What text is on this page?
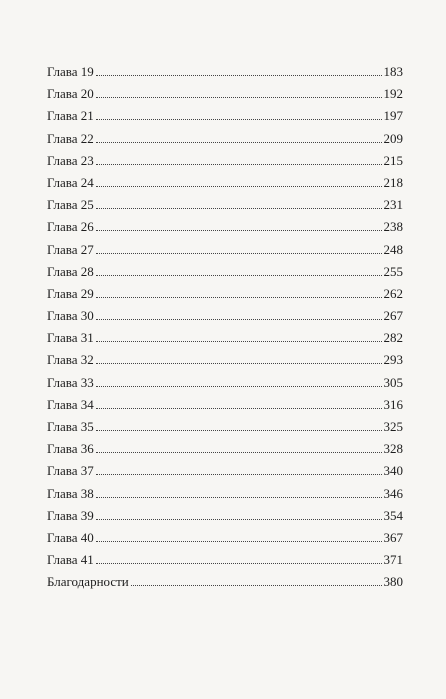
Глава 19	183
Глава 20	192
Глава 21	197
Глава 22	209
Глава 23	215
Глава 24	218
Глава 25	231
Глава 26	238
Глава 27	248
Глава 28	255
Глава 29	262
Глава 30	267
Глава 31	282
Глава 32	293
Глава 33	305
Глава 34	316
Глава 35	325
Глава 36	328
Глава 37	340
Глава 38	346
Глава 39	354
Глава 40	367
Глава 41	371
Благодарности	380
